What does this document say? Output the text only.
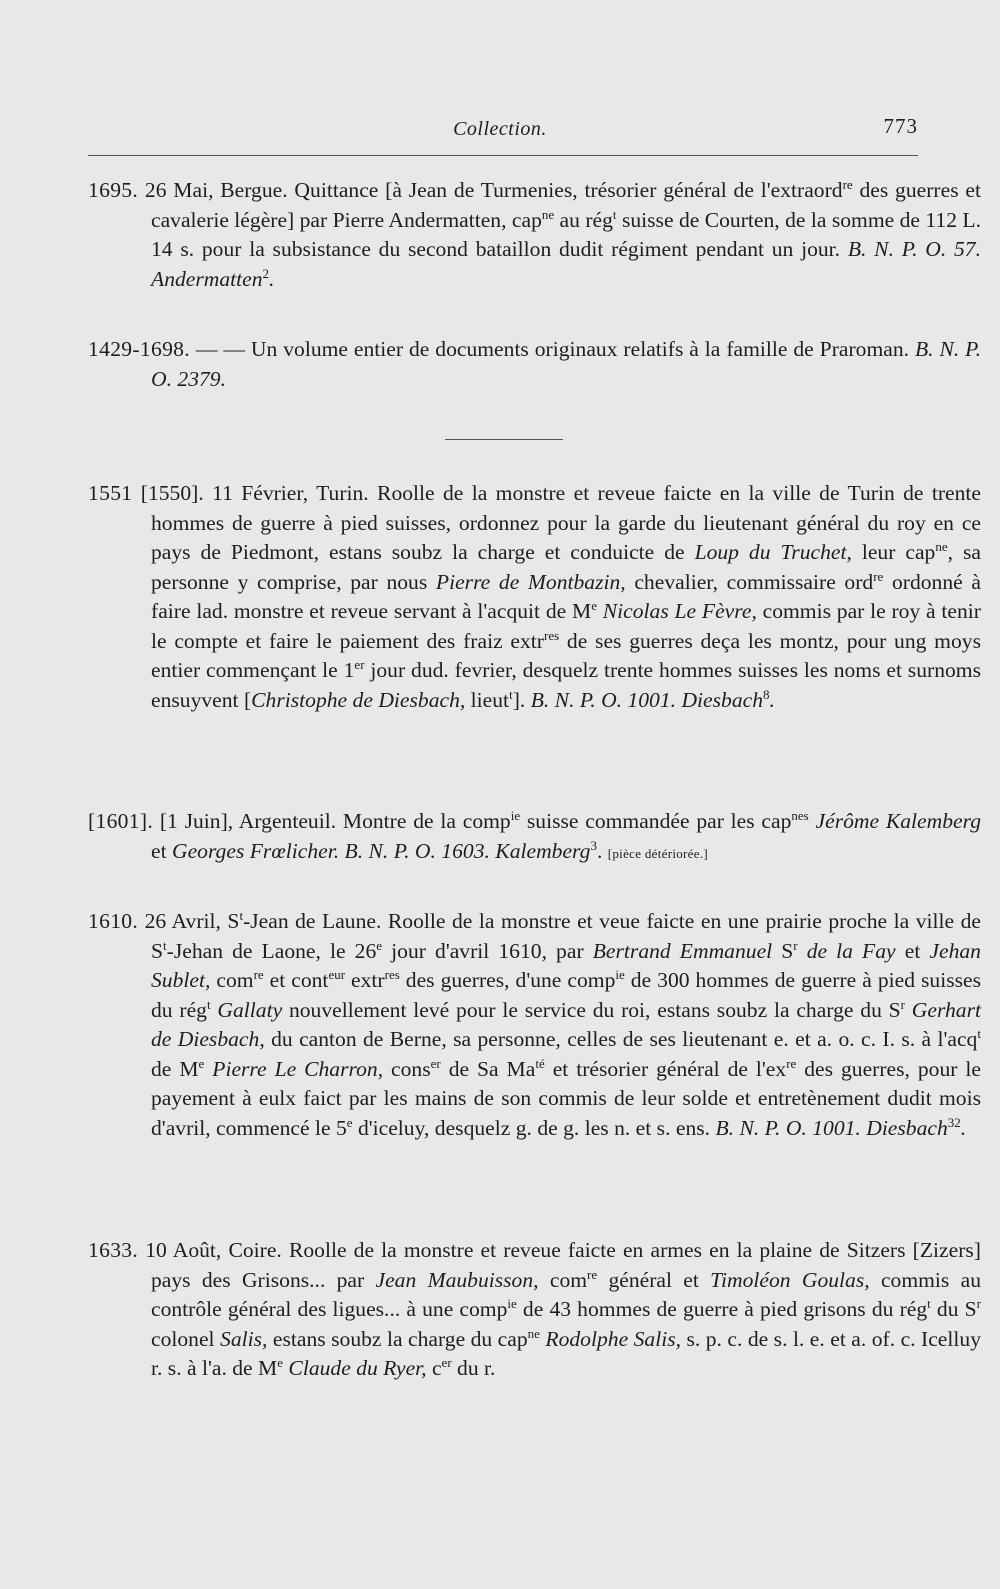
Collection.	773
1695. 26 Mai, Bergue. Quittance [à Jean de Turmenies, trésorier général de l'extraord$^{re}$ des guerres et cavalerie légère] par Pierre Andermatten, cap$^{ne}$ au rég$^t$ suisse de Courten, de la somme de 112 L. 14 s. pour la subsistance du second bataillon dudit régiment pendant un jour. B. N. P. O. 57. Andermatten$^2$.
1429-1698. — — Un volume entier de documents originaux relatifs à la famille de Praroman. B. N. P. O. 2379.
1551 [1550]. 11 Février, Turin. Roolle de la monstre et reveue faicte en la ville de Turin de trente hommes de guerre à pied suisses, ordonnez pour la garde du lieutenant général du roy en ce pays de Piedmont, estans soubz la charge et conduicte de Loup du Truchet, leur cap$^{ne}$, sa personne y comprise, par nous Pierre de Montbazin, chevalier, commissaire ord$^{re}$ ordonné à faire lad. monstre et reveue servant à l'acquit de Me Nicolas Le Fèvre, commis par le roy à tenir le compte et faire le paiement des fraiz extr$^{res}$ de ses guerres deça les montz, pour ung moys entier commençant le 1er jour dud. fevrier, desquelz trente hommes suisses les noms et surnoms ensuyvent [Christophe de Diesbach, lieut$^t$]. B. N. P. O. 1001. Diesbach$^8$.
[1601]. [1 Juin], Argenteuil. Montre de la comp$^{ie}$ suisse commandée par les cap$^{nes}$ Jérôme Kalemberg et Georges Frœlicher. B. N. P. O. 1603. Kalemberg$^3$. [pièce détériorée.]
1610. 26 Avril, $S^t$-Jean de Laune. Roolle de la monstre et veue faicte en une prairie proche la ville de $S^t$-Jehan de Laone, le 26e jour d'avril 1610, par Bertrand Emmanuel $S^r$ de la Fay et Jehan Sublet, com$^{re}$ et cont$^{eur}$ extr$^{res}$ des guerres, d'une comp$^{ie}$ de 300 hommes de guerre à pied suisses du rég$^t$ Gallaty nouvellement levé pour le service du roi, estans soubz la charge du $S^r$ Gerhart de Diesbach, du canton de Berne, sa personne, celles de ses lieutenant e. et a. o. c. I. s. à l'acq$^t$ de Me Pierre Le Charron, cons$^{er}$ de Sa $Ma^{té}$ et trésorier général de $l'ex^{re}$ des guerres, pour le payement à eulx faict par les mains de son commis de leur solde et entretènement dudit mois d'avril, commencé le 5e d'iceluy, desquelz g. de g. les n. et s. ens. B. N. P. O. 1001. Diesbach$^{32}$.
1633. 10 Août, Coire. Roolle de la monstre et reveue faicte en armes en la plaine de Sitzers [Zizers] pays des Grisons... par Jean Maubuisson, com$^{re}$ général et Timoléon Goulas, commis au contrôle général des ligues... à une comp$^{ie}$ de 43 hommes de guerre à pied grisons du rég$^t$ du $S^r$ colonel Salis, estans soubz la charge du cap$^{ne}$ Rodolphe Salis, s. p. c. de s. l. e. et a. of. c. Icelluy r. s. à l'a. de Me Claude du Ryer, $c^{er}$ du r.
